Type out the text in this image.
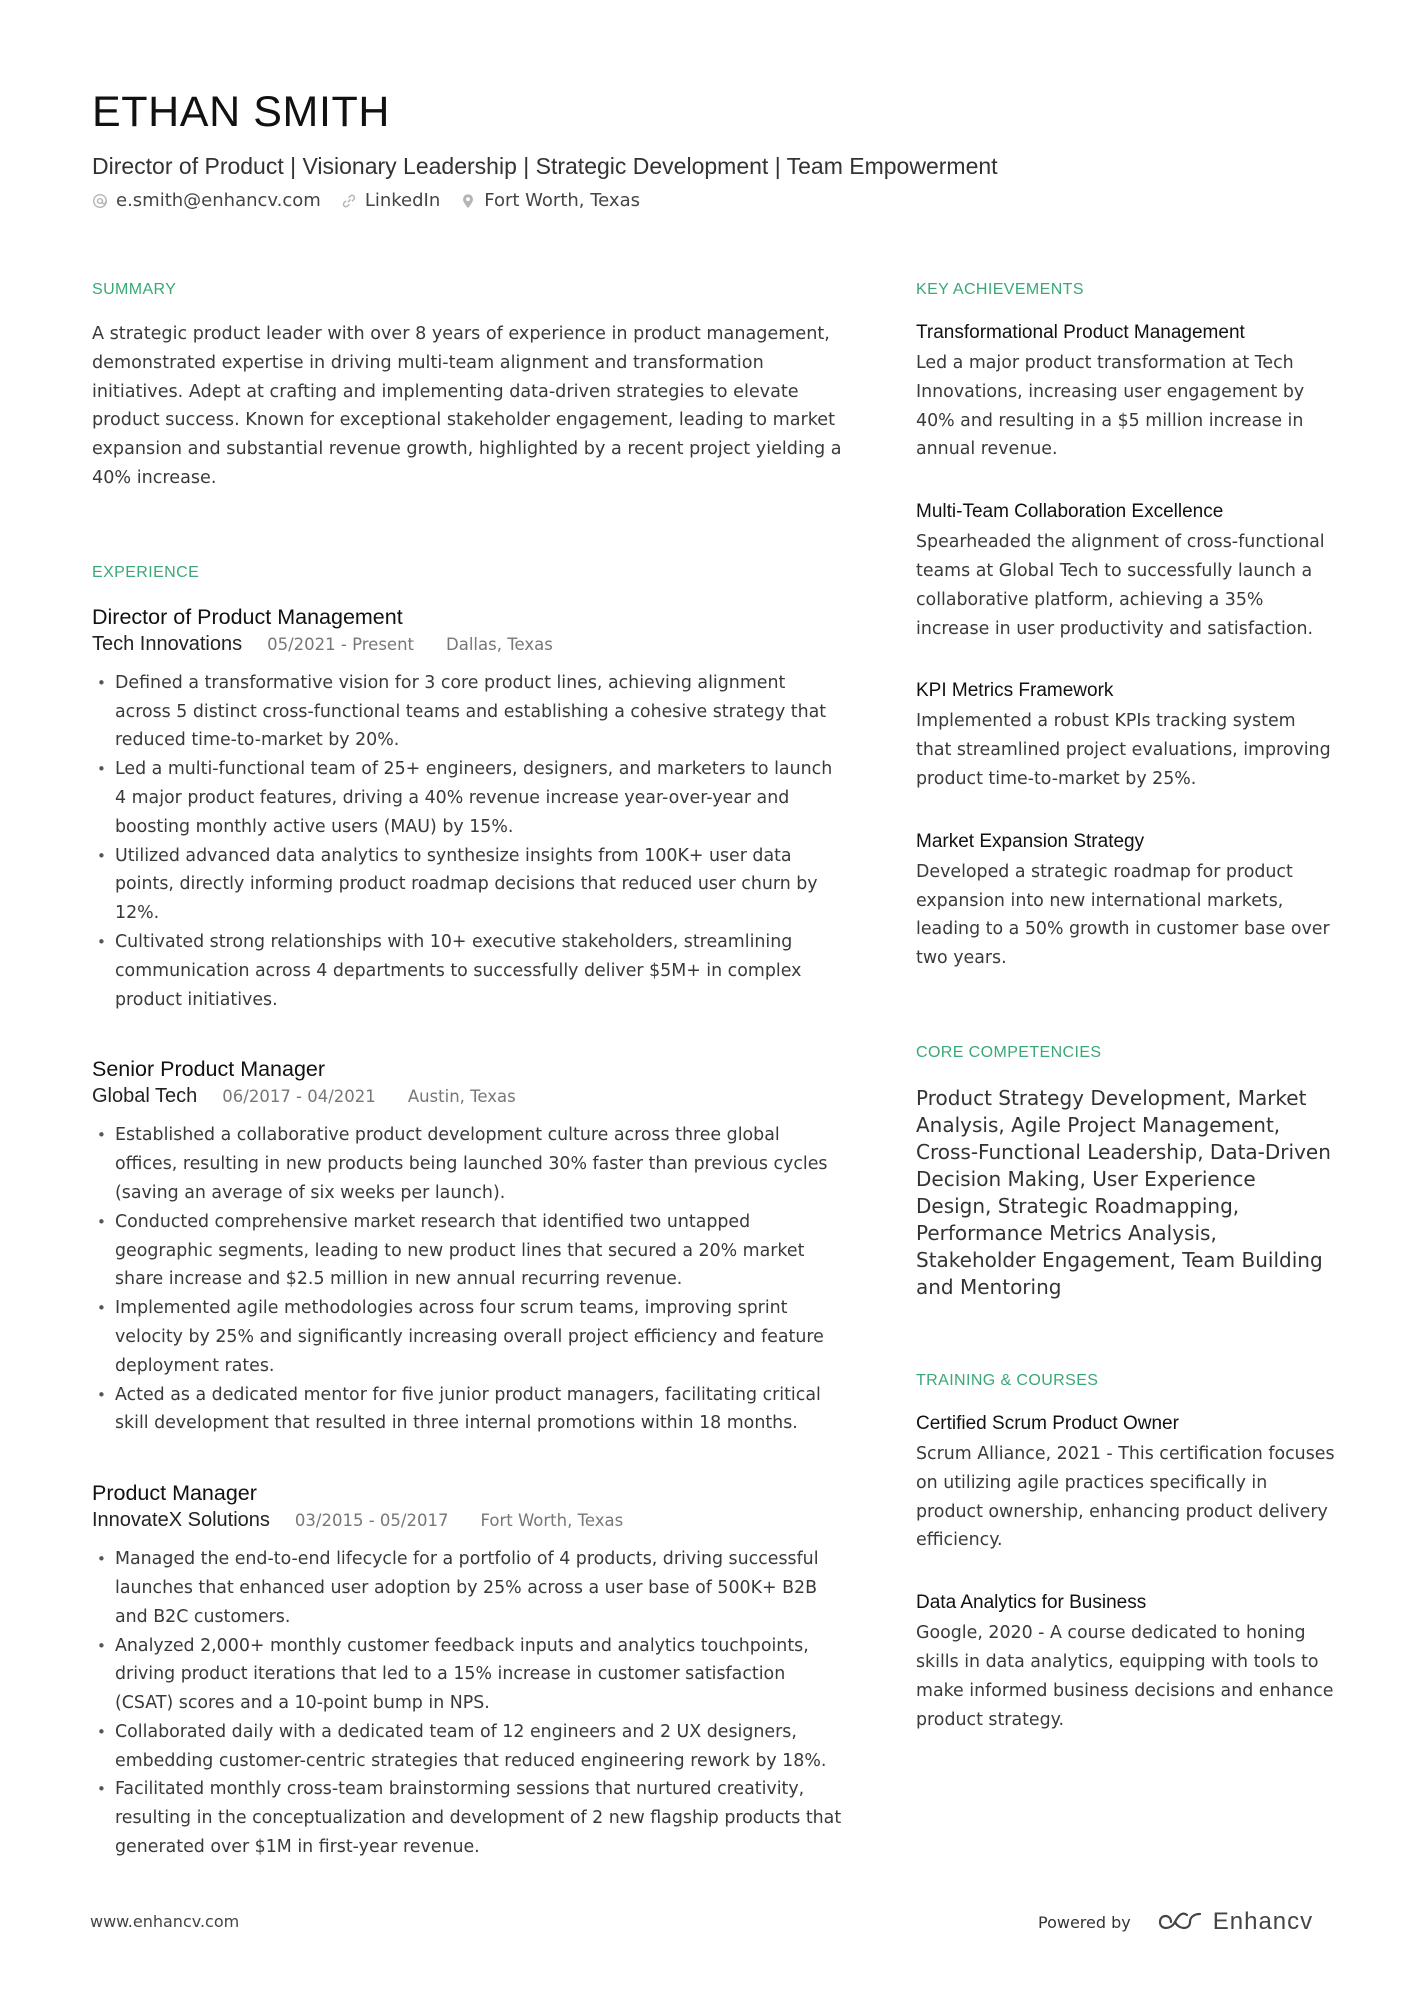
ETHAN SMITH
Director of Product | Visionary Leadership | Strategic Development | Team Empowerment
e.smith@enhancv.com LinkedIn Fort Worth, Texas
SUMMARY

A strategic product leader with over 8 years of experience in product management, demonstrated expertise in driving multi-team alignment and transformation initiatives. Adept at crafting and implementing data-driven strategies to elevate product success. Known for exceptional stakeholder engagement, leading to market expansion and substantial revenue growth, highlighted by a recent project yielding a 40% increase.

EXPERIENCE
Director of Product Management
Tech Innovations 05/2021 - Present Dallas, Texas
• Defined a transformative vision for 3 core product lines, achieving alignment across 5 distinct cross-functional teams and establishing a cohesive strategy that reduced time-to-market by 20%.
• Led a multi-functional team of 25+ engineers, designers, and marketers to launch 4 major product features, driving a 40% revenue increase year-over-year and boosting monthly active users (MAU) by 15%.
• Utilized advanced data analytics to synthesize insights from 100K+ user data points, directly informing product roadmap decisions that reduced user churn by 12%.
• Cultivated strong relationships with 10+ executive stakeholders, streamlining communication across 4 departments to successfully deliver $5M+ in complex product initiatives.
Senior Product Manager
Global Tech 06/2017 - 04/2021 Austin, Texas
• Established a collaborative product development culture across three global offices, resulting in new products being launched 30% faster than previous cycles (saving an average of six weeks per launch).
• Conducted comprehensive market research that identified two untapped geographic segments, leading to new product lines that secured a 20% market share increase and $2.5 million in new annual recurring revenue.
• Implemented agile methodologies across four scrum teams, improving sprint velocity by 25% and significantly increasing overall project efficiency and feature deployment rates.
• Acted as a dedicated mentor for five junior product managers, facilitating critical skill development that resulted in three internal promotions within 18 months.
Product Manager
InnovateX Solutions 03/2015 - 05/2017 Fort Worth, Texas
• Managed the end-to-end lifecycle for a portfolio of 4 products, driving successful launches that enhanced user adoption by 25% across a user base of 500K+ B2B and B2C customers.
• Analyzed 2,000+ monthly customer feedback inputs and analytics touchpoints, driving product iterations that led to a 15% increase in customer satisfaction (CSAT) scores and a 10-point bump in NPS.
• Collaborated daily with a dedicated team of 12 engineers and 2 UX designers, embedding customer-centric strategies that reduced engineering rework by 18%.
• Facilitated monthly cross-team brainstorming sessions that nurtured creativity, resulting in the conceptualization and development of 2 new flagship products that generated over $1M in first-year revenue.
KEY ACHIEVEMENTS
Transformational Product Management
Led a major product transformation at Tech Innovations, increasing user engagement by 40% and resulting in a $5 million increase in annual revenue.
Multi-Team Collaboration Excellence
Spearheaded the alignment of cross-functional teams at Global Tech to successfully launch a collaborative platform, achieving a 35% increase in user productivity and satisfaction.
KPI Metrics Framework
Implemented a robust KPIs tracking system that streamlined project evaluations, improving product time-to-market by 25%.
Market Expansion Strategy
Developed a strategic roadmap for product expansion into new international markets, leading to a 50% growth in customer base over two years.
CORE COMPETENCIES
Product Strategy Development, Market Analysis, Agile Project Management, Cross-Functional Leadership, Data-Driven Decision Making, User Experience Design, Strategic Roadmapping, Performance Metrics Analysis, Stakeholder Engagement, Team Building and Mentoring
TRAINING & COURSES
Certified Scrum Product Owner
Scrum Alliance, 2021 - This certification focuses on utilizing agile practices specifically in product ownership, enhancing product delivery efficiency.
Data Analytics for Business
Google, 2020 - A course dedicated to honing skills in data analytics, equipping with tools to make informed business decisions and enhance product strategy.
www.enhancv.com	Powered by	Enhancv
